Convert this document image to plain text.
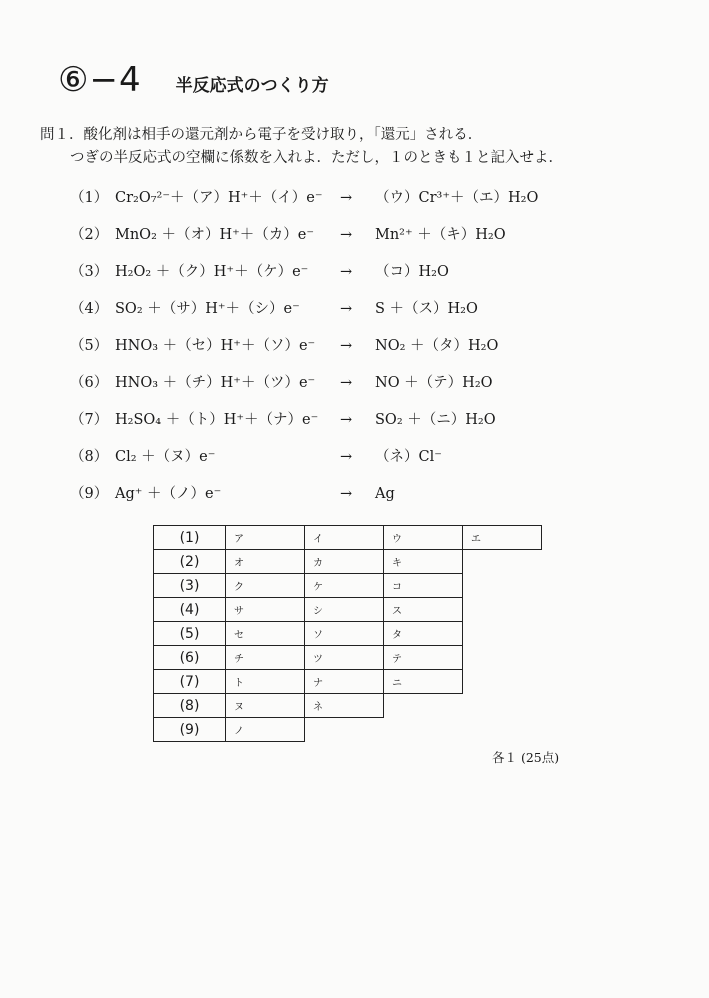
⑥−4 半反応式のつくり方
問１．酸化剤は相手の還元剤から電子を受け取り，「還元」される．
つぎの半反応式の空欄に係数を入れよ．ただし，１のときも１と記入せよ．
（1） Cr₂O₇²⁻＋（ア）H⁺＋（イ）e⁻ → （ウ）Cr³⁺＋（エ）H₂O
（2） MnO₂ ＋（オ）H⁺＋（カ）e⁻ → Mn²⁺ ＋（キ）H₂O
（3） H₂O₂ ＋（ク）H⁺＋（ケ）e⁻ → （コ）H₂O
（4） SO₂ ＋（サ）H⁺＋（シ）e⁻	→ S ＋（ス）H₂O
（5） HNO₃ ＋（セ）H⁺＋（ソ）e⁻ → NO₂ ＋（タ）H₂O
（6） HNO₃ ＋（チ）H⁺＋（ツ）e⁻ → NO ＋（テ）H₂O
（7） H₂SO₄ ＋（ト）H⁺＋（ナ）e⁻ → SO₂ ＋（ニ）H₂O
（8） Cl₂ ＋（ヌ）e⁻	→ （ネ）Cl⁻
（9） Ag⁺ ＋（ノ）e⁻	→ Ag
(1)	ア	イ	ウ	エ
(2)	オ	カ	キ	
(3)	ク	ケ	コ	
(4)	サ	シ	ス	
(5)	セ	ソ	タ	
(6)	チ	ツ	テ	
(7)	ト	ナ	ニ	
(8)	ヌ	ネ		
(9)	ノ			
各１ (25点)
